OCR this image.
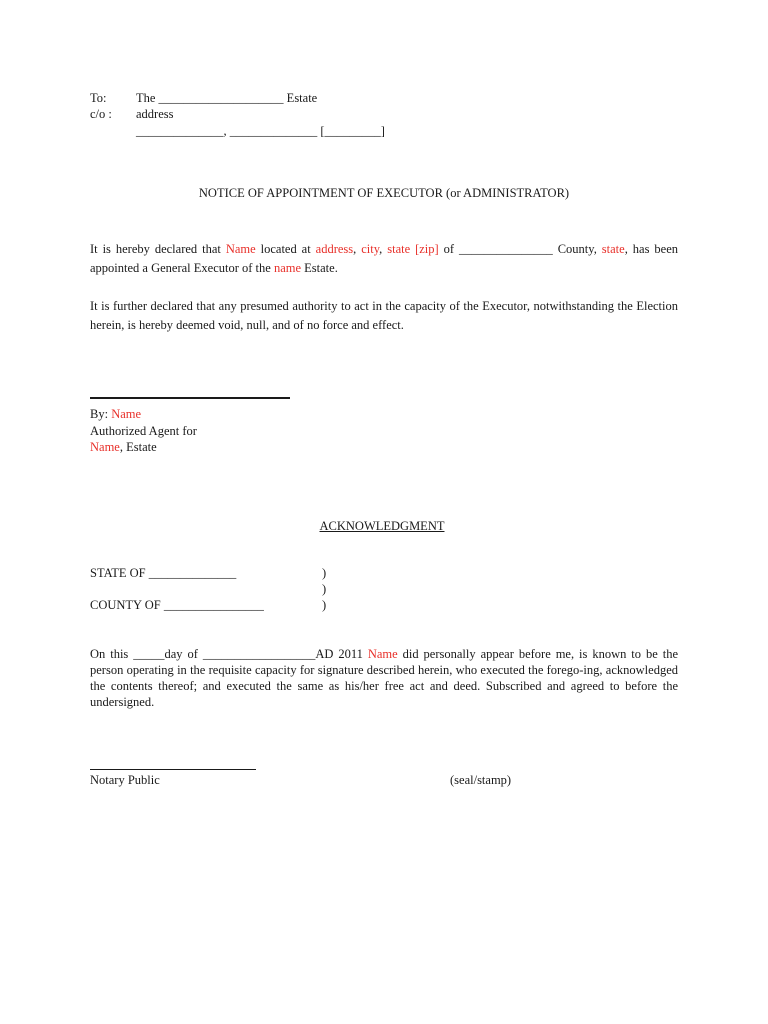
To: The ____________________ Estate
c/o : address
______________, ______________ [_________]
NOTICE OF APPOINTMENT OF EXECUTOR (or ADMINISTRATOR)
It is hereby declared that Name located at address, city, state [zip] of _______________ County, state, has been appointed a General Executor of the name Estate.
It is further declared that any presumed authority to act in the capacity of the Executor, notwithstanding the Election herein, is hereby deemed void, null, and of no force and effect.
By: Name
Authorized Agent for
Name, Estate
ACKNOWLEDGMENT
STATE OF ______________
COUNTY OF ________________
)
)
)
On this _____day of __________________AD 2011 Name did personally appear before me, is known to be the person operating in the requisite capacity for signature described herein, who executed the forego-ing, acknowledged the contents thereof; and executed the same as his/her free act and deed. Subscribed and agreed to before the undersigned.
Notary Public	(seal/stamp)
